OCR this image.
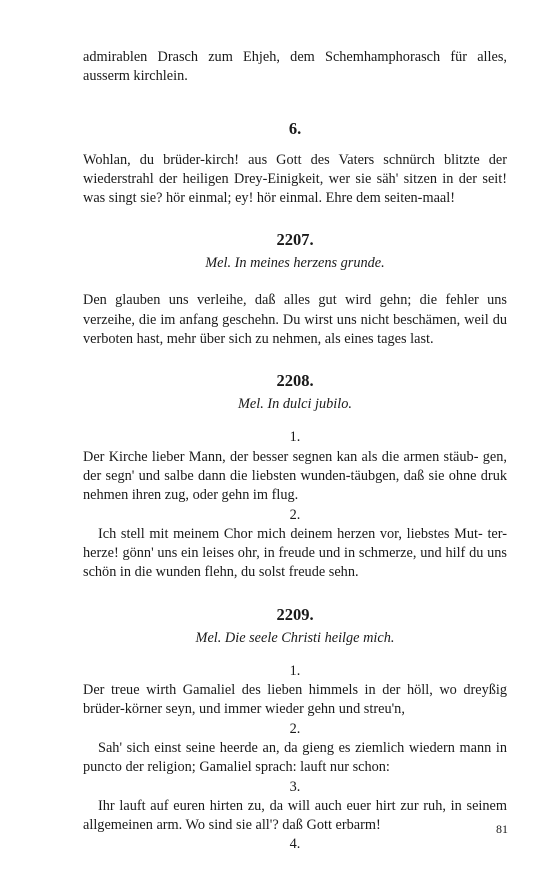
admirablen Drasch zum Ehjeh, dem Schemhamphorasch für alles, ausserm kirchlein.

6.

Wohlan, du brüder-kirch! aus Gott des Vaters schnürch blitzte der wiederstrahl der heiligen Drey-Einigkeit, wer sie säh' sitzen in der seit! was singt sie? hör einmal; ey! hör einmal. Ehre dem seiten-maal!

2207.

Mel. In meines herzens grunde.

Den glauben uns verleihe, daß alles gut wird gehn; die fehler uns verzeihe, die im anfang geschehn. Du wirst uns nicht beschämen, weil du verboten hast, mehr über sich zu nehmen, als eines tages last.

2208.

Mel. In dulci jubilo.

1.

Der Kirche lieber Mann, der besser segnen kan als die armen stäub- gen, der segn' und salbe dann die liebsten wunden-täubgen, daß sie ohne druk nehmen ihren zug, oder gehn im flug.

2.

Ich stell mit meinem Chor mich deinem herzen vor, liebstes Mut- ter-herze! gönn' uns ein leises ohr, in freude und in schmerze, und hilf du uns schön in die wunden flehn, du solst freude sehn.

2209.

Mel. Die seele Christi heilge mich.

1.

Der treue wirth Gamaliel des lieben himmels in der höll, wo dreyßig brüder-körner seyn, und immer wieder gehn und streu'n,

2.

Sah' sich einst seine heerde an, da gieng es ziemlich wiedern mann in puncto der religion; Gamaliel sprach: lauft nur schon:

3.

Ihr lauft auf euren hirten zu, da will auch euer hirt zur ruh, in seinem allgemeinen arm. Wo sind sie all'? daß Gott erbarm!

4.

81
